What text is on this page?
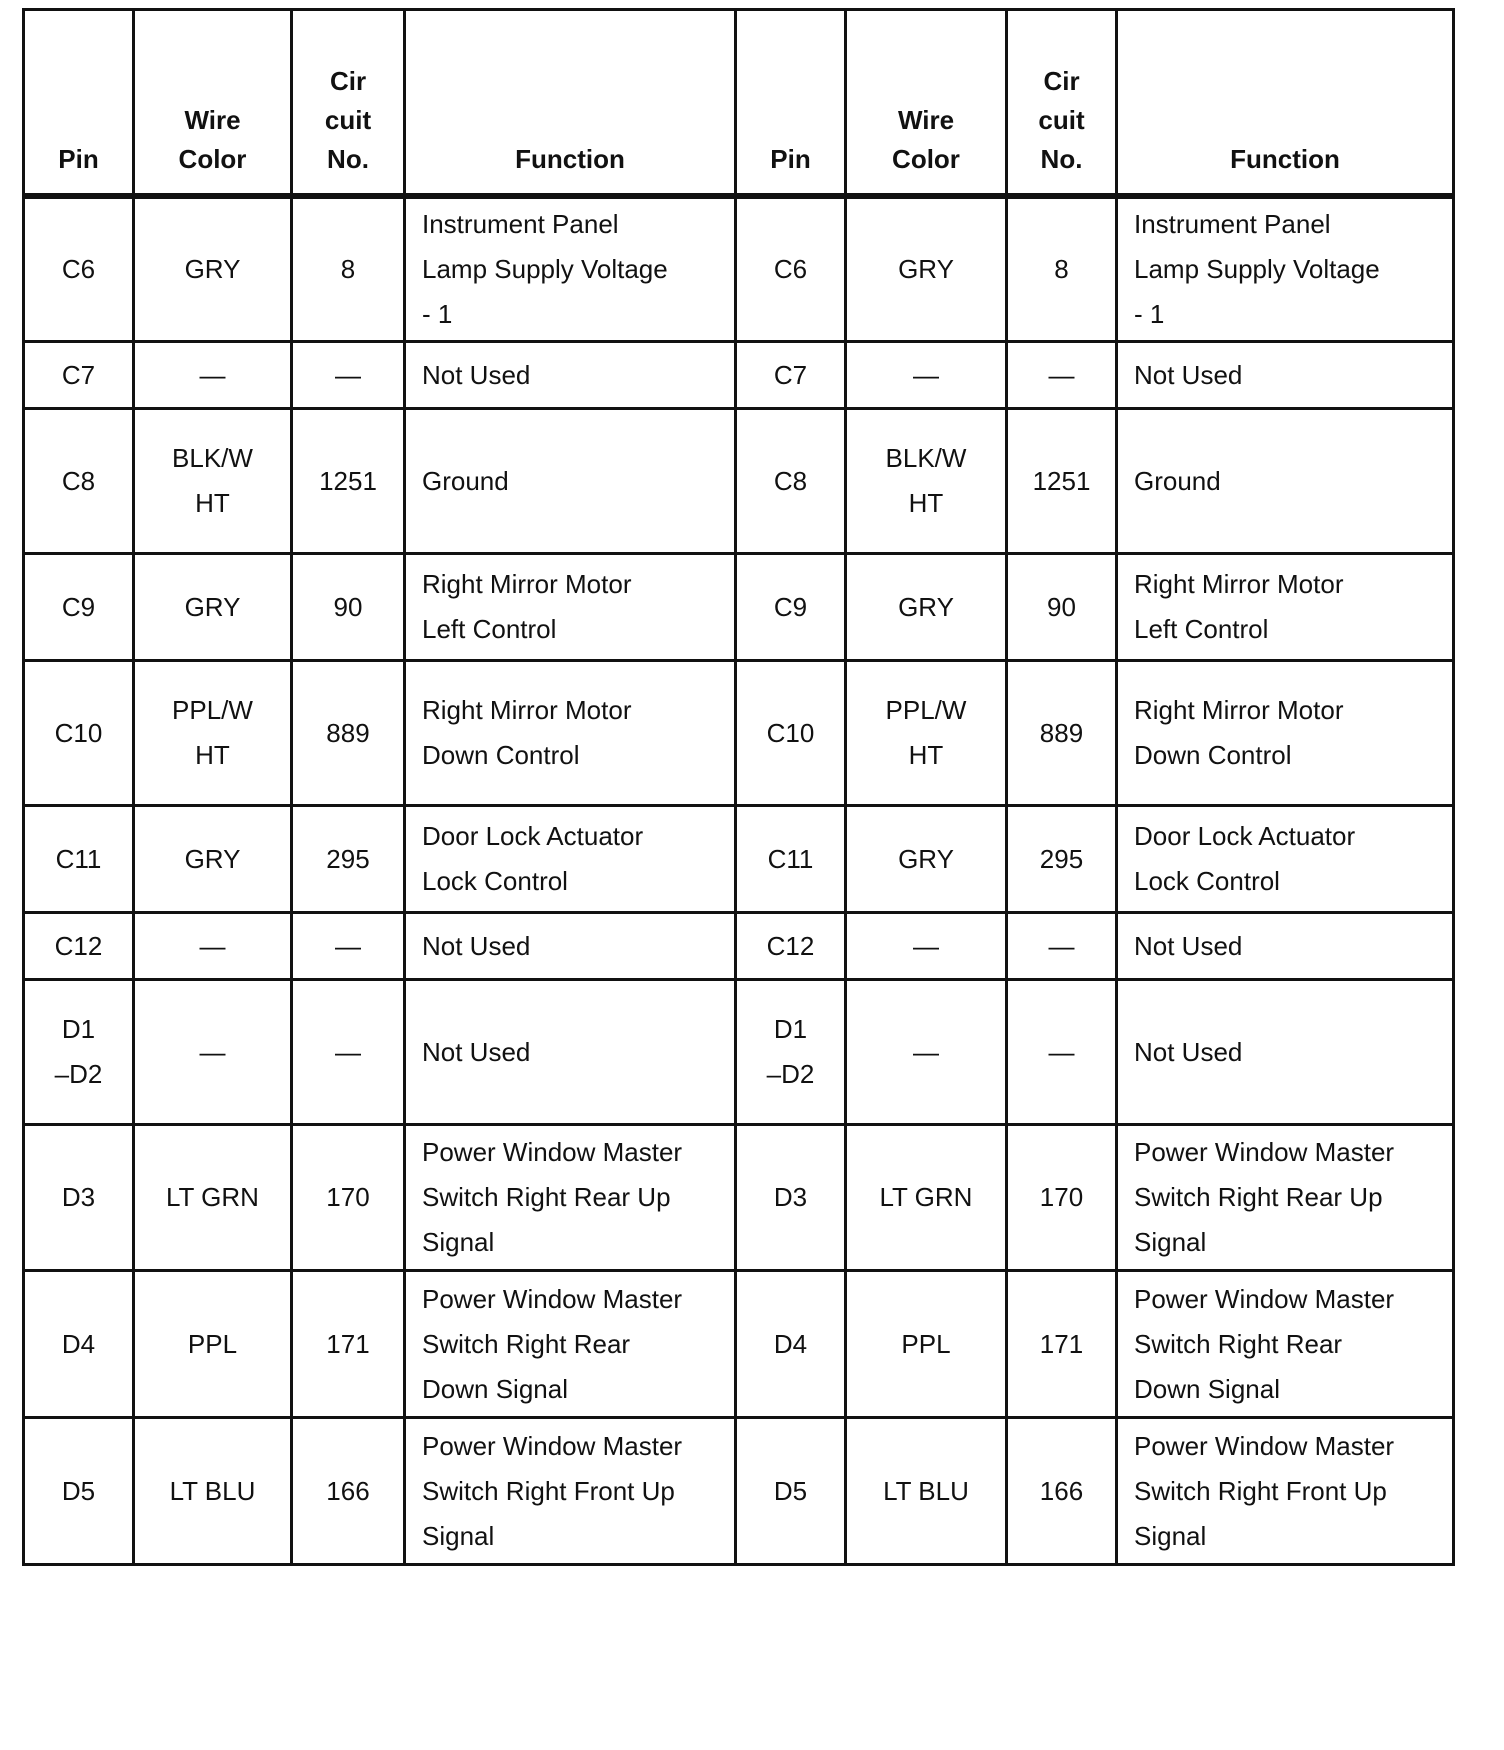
Pin	Wire
Color	Cir
cuit
No.	Function	Pin	Wire
Color	Cir
cuit
No.	Function
C6	GRY	8	Instrument Panel
Lamp Supply Voltage
- 1	C6	GRY	8	Instrument Panel
Lamp Supply Voltage
- 1
C7	—	—	Not Used	C7	—	—	Not Used
C8	BLK/W
HT	1251	Ground	C8	BLK/W
HT	1251	Ground
C9	GRY	90	Right Mirror Motor
Left Control	C9	GRY	90	Right Mirror Motor
Left Control
C10	PPL/W
HT	889	Right Mirror Motor
Down Control	C10	PPL/W
HT	889	Right Mirror Motor
Down Control
C11	GRY	295	Door Lock Actuator
Lock Control	C11	GRY	295	Door Lock Actuator
Lock Control
C12	—	—	Not Used	C12	—	—	Not Used
D1
–D2	—	—	Not Used	D1
–D2	—	—	Not Used
D3	LT GRN	170	Power Window Master
Switch Right Rear Up
Signal	D3	LT GRN	170	Power Window Master
Switch Right Rear Up
Signal
D4	PPL	171	Power Window Master
Switch Right Rear
Down Signal	D4	PPL	171	Power Window Master
Switch Right Rear
Down Signal
D5	LT BLU	166	Power Window Master
Switch Right Front Up
Signal	D5	LT BLU	166	Power Window Master
Switch Right Front Up
Signal
